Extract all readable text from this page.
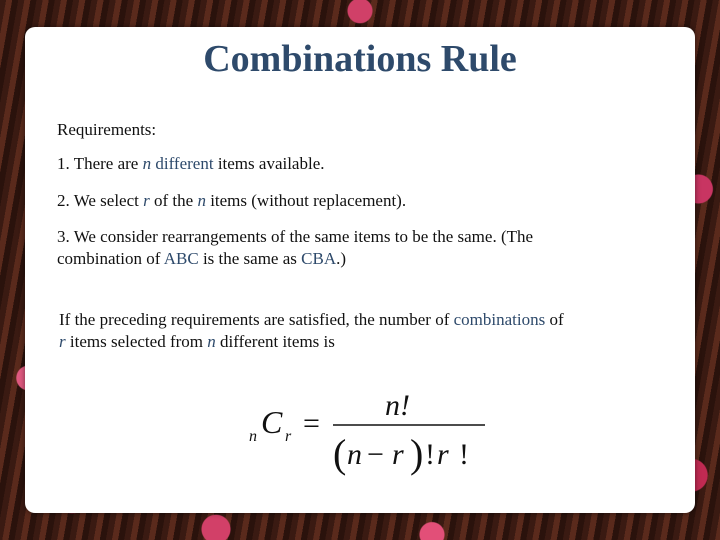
Combinations Rule
Requirements:
1. There are n different items available.
2. We select r of the n items (without replacement).
3. We consider rearrangements of the same items to be the same. (The
combination of ABC is the same as CBA.)
If the preceding requirements are satisfied, the number of combinations of
r items selected from n different items is
n C r =
n!
( n − r ) ! r !
